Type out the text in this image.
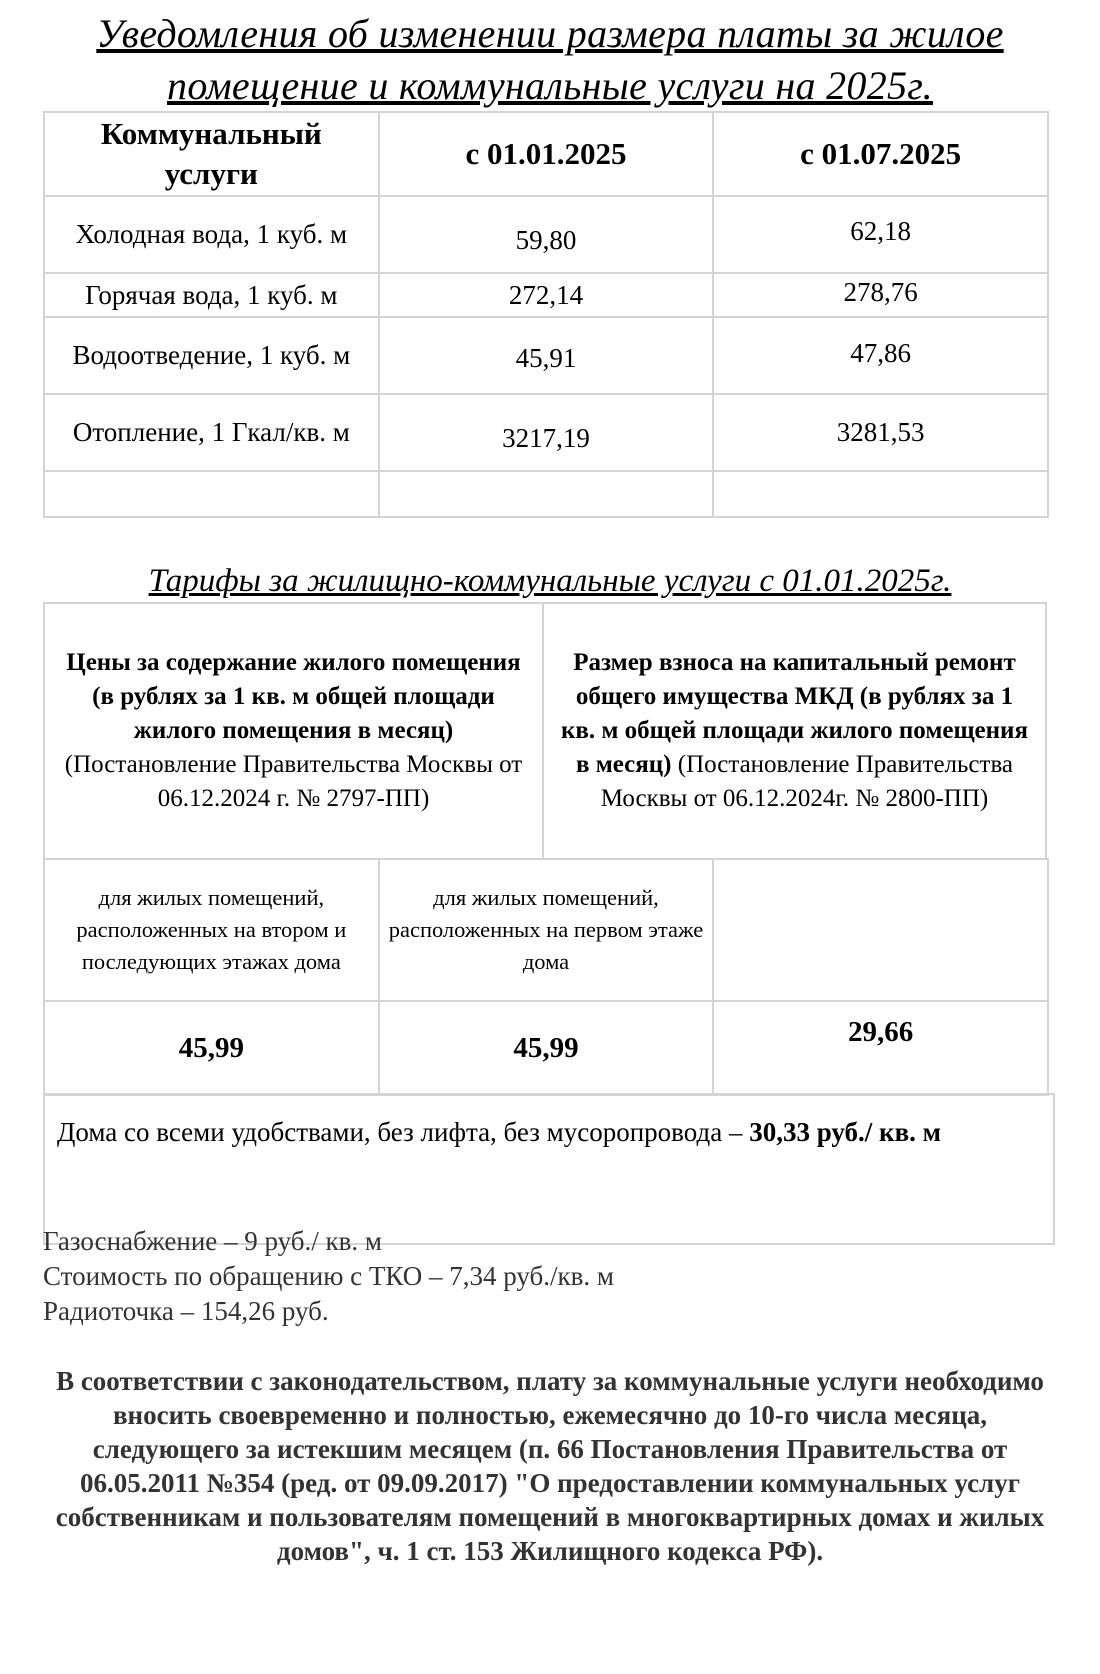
Уведомления об изменении размера платы за жилое
помещение и коммунальные услуги на 2025г.
Коммунальный услуги	с 01.01.2025	с 01.07.2025
Холодная вода, 1 куб. м	59,80	62,18
Горячая вода, 1 куб. м	272,14	278,76
Водоотведение, 1 куб. м	45,91	47,86
Отопление, 1 Гкал/кв. м	3217,19	3281,53

Тарифы за жилищно-коммунальные услуги с 01.01.2025г.
Цены за содержание жилого помещения (в рублях за 1 кв. м общей площади жилого помещения в месяц) (Постановление Правительства Москвы от 06.12.2024 г. № 2797-ПП)	Размер взноса на капитальный ремонт общего имущества МКД (в рублях за 1 кв. м общей площади жилого помещения в месяц) (Постановление Правительства Москвы от 06.12.2024г. № 2800-ПП)
для жилых помещений, расположенных на втором и последующих этажах дома	для жилых помещений, расположенных на первом этаже дома	
45,99	45,99	29,66
Дома со всеми удобствами, без лифта, без мусоропровода – 30,33 руб./ кв. м
Газоснабжение – 9 руб./ кв. м
Стоимость по обращению с ТКО – 7,34 руб./кв. м
Радиоточка – 154,26 руб.
В соответствии с законодательством, плату за коммунальные услуги необходимо вносить своевременно и полностью, ежемесячно до 10-го числа месяца, следующего за истекшим месяцем (п. 66 Постановления Правительства от 06.05.2011 №354 (ред. от 09.09.2017) "О предоставлении коммунальных услуг собственникам и пользователям помещений в многоквартирных домах и жилых домов", ч. 1 ст. 153 Жилищного кодекса РФ).
